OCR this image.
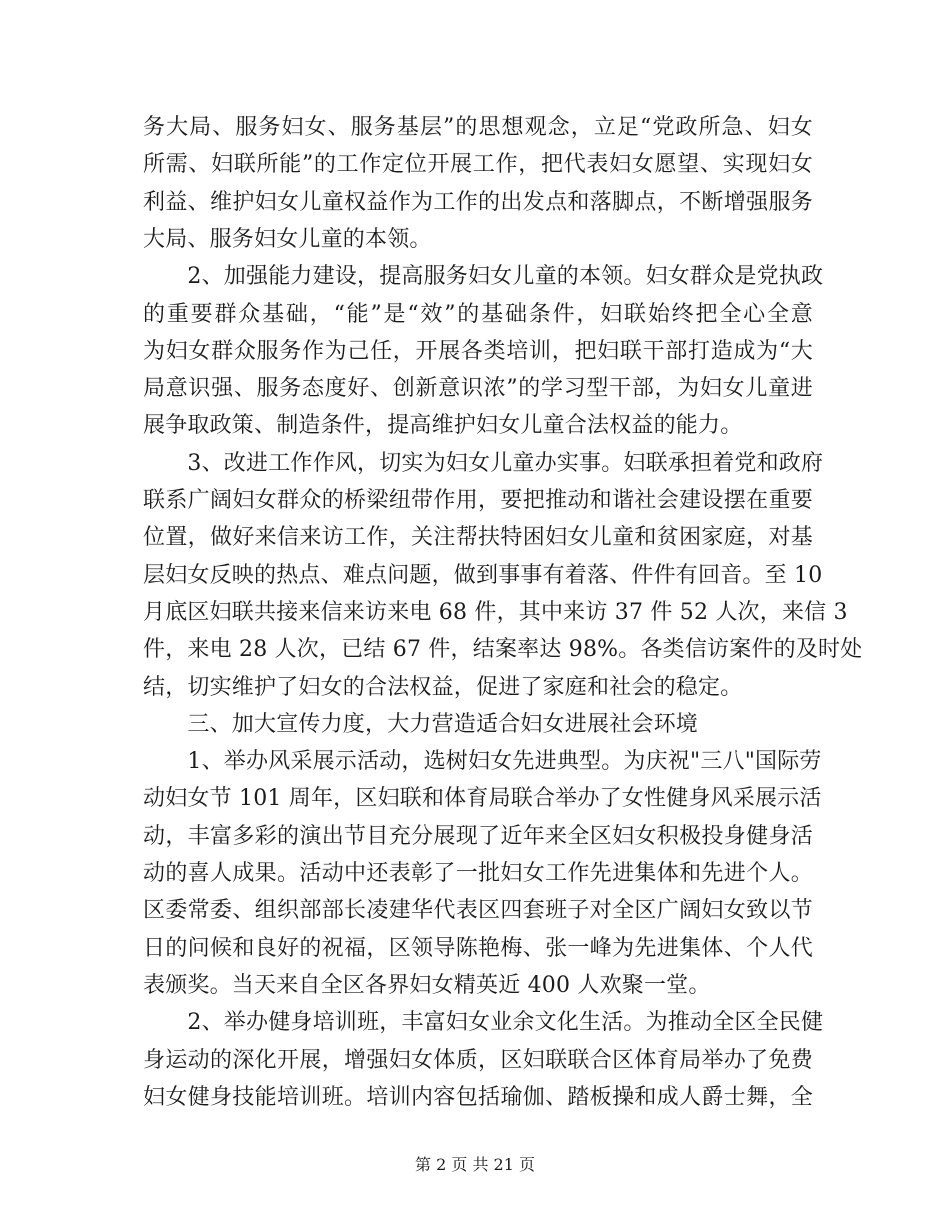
务大局、服务妇女、服务基层”的思想观念，立足“党政所急、妇女
所需、妇联所能”的工作定位开展工作，把代表妇女愿望、实现妇女
利益、维护妇女儿童权益作为工作的出发点和落脚点，不断增强服务
大局、服务妇女儿童的本领。
　　2、加强能力建设，提高服务妇女儿童的本领。妇女群众是党执政
的重要群众基础，“能”是“效”的基础条件，妇联始终把全心全意
为妇女群众服务作为己任，开展各类培训，把妇联干部打造成为“大
局意识强、服务态度好、创新意识浓”的学习型干部，为妇女儿童进
展争取政策、制造条件，提高维护妇女儿童合法权益的能力。
　　3、改进工作作风，切实为妇女儿童办实事。妇联承担着党和政府
联系广阔妇女群众的桥梁纽带作用，要把推动和谐社会建设摆在重要
位置，做好来信来访工作，关注帮扶特困妇女儿童和贫困家庭，对基
层妇女反映的热点、难点问题，做到事事有着落、件件有回音。至 10
月底区妇联共接来信来访来电 68 件，其中来访 37 件 52 人次，来信 3
件，来电 28 人次，已结 67 件，结案率达 98%。各类信访案件的及时处
结，切实维护了妇女的合法权益，促进了家庭和社会的稳定。
　　三、加大宣传力度，大力营造适合妇女进展社会环境
　　1、举办风采展示活动，选树妇女先进典型。为庆祝"三八"国际劳
动妇女节 101 周年，区妇联和体育局联合举办了女性健身风采展示活
动，丰富多彩的演出节目充分展现了近年来全区妇女积极投身健身活
动的喜人成果。活动中还表彰了一批妇女工作先进集体和先进个人。
区委常委、组织部部长凌建华代表区四套班子对全区广阔妇女致以节
日的问候和良好的祝福，区领导陈艳梅、张一峰为先进集体、个人代
表颁奖。当天来自全区各界妇女精英近 400 人欢聚一堂。
　　2、举办健身培训班，丰富妇女业余文化生活。为推动全区全民健
身运动的深化开展，增强妇女体质，区妇联联合区体育局举办了免费
妇女健身技能培训班。培训内容包括瑜伽、踏板操和成人爵士舞，全
第 2 页 共 21 页
